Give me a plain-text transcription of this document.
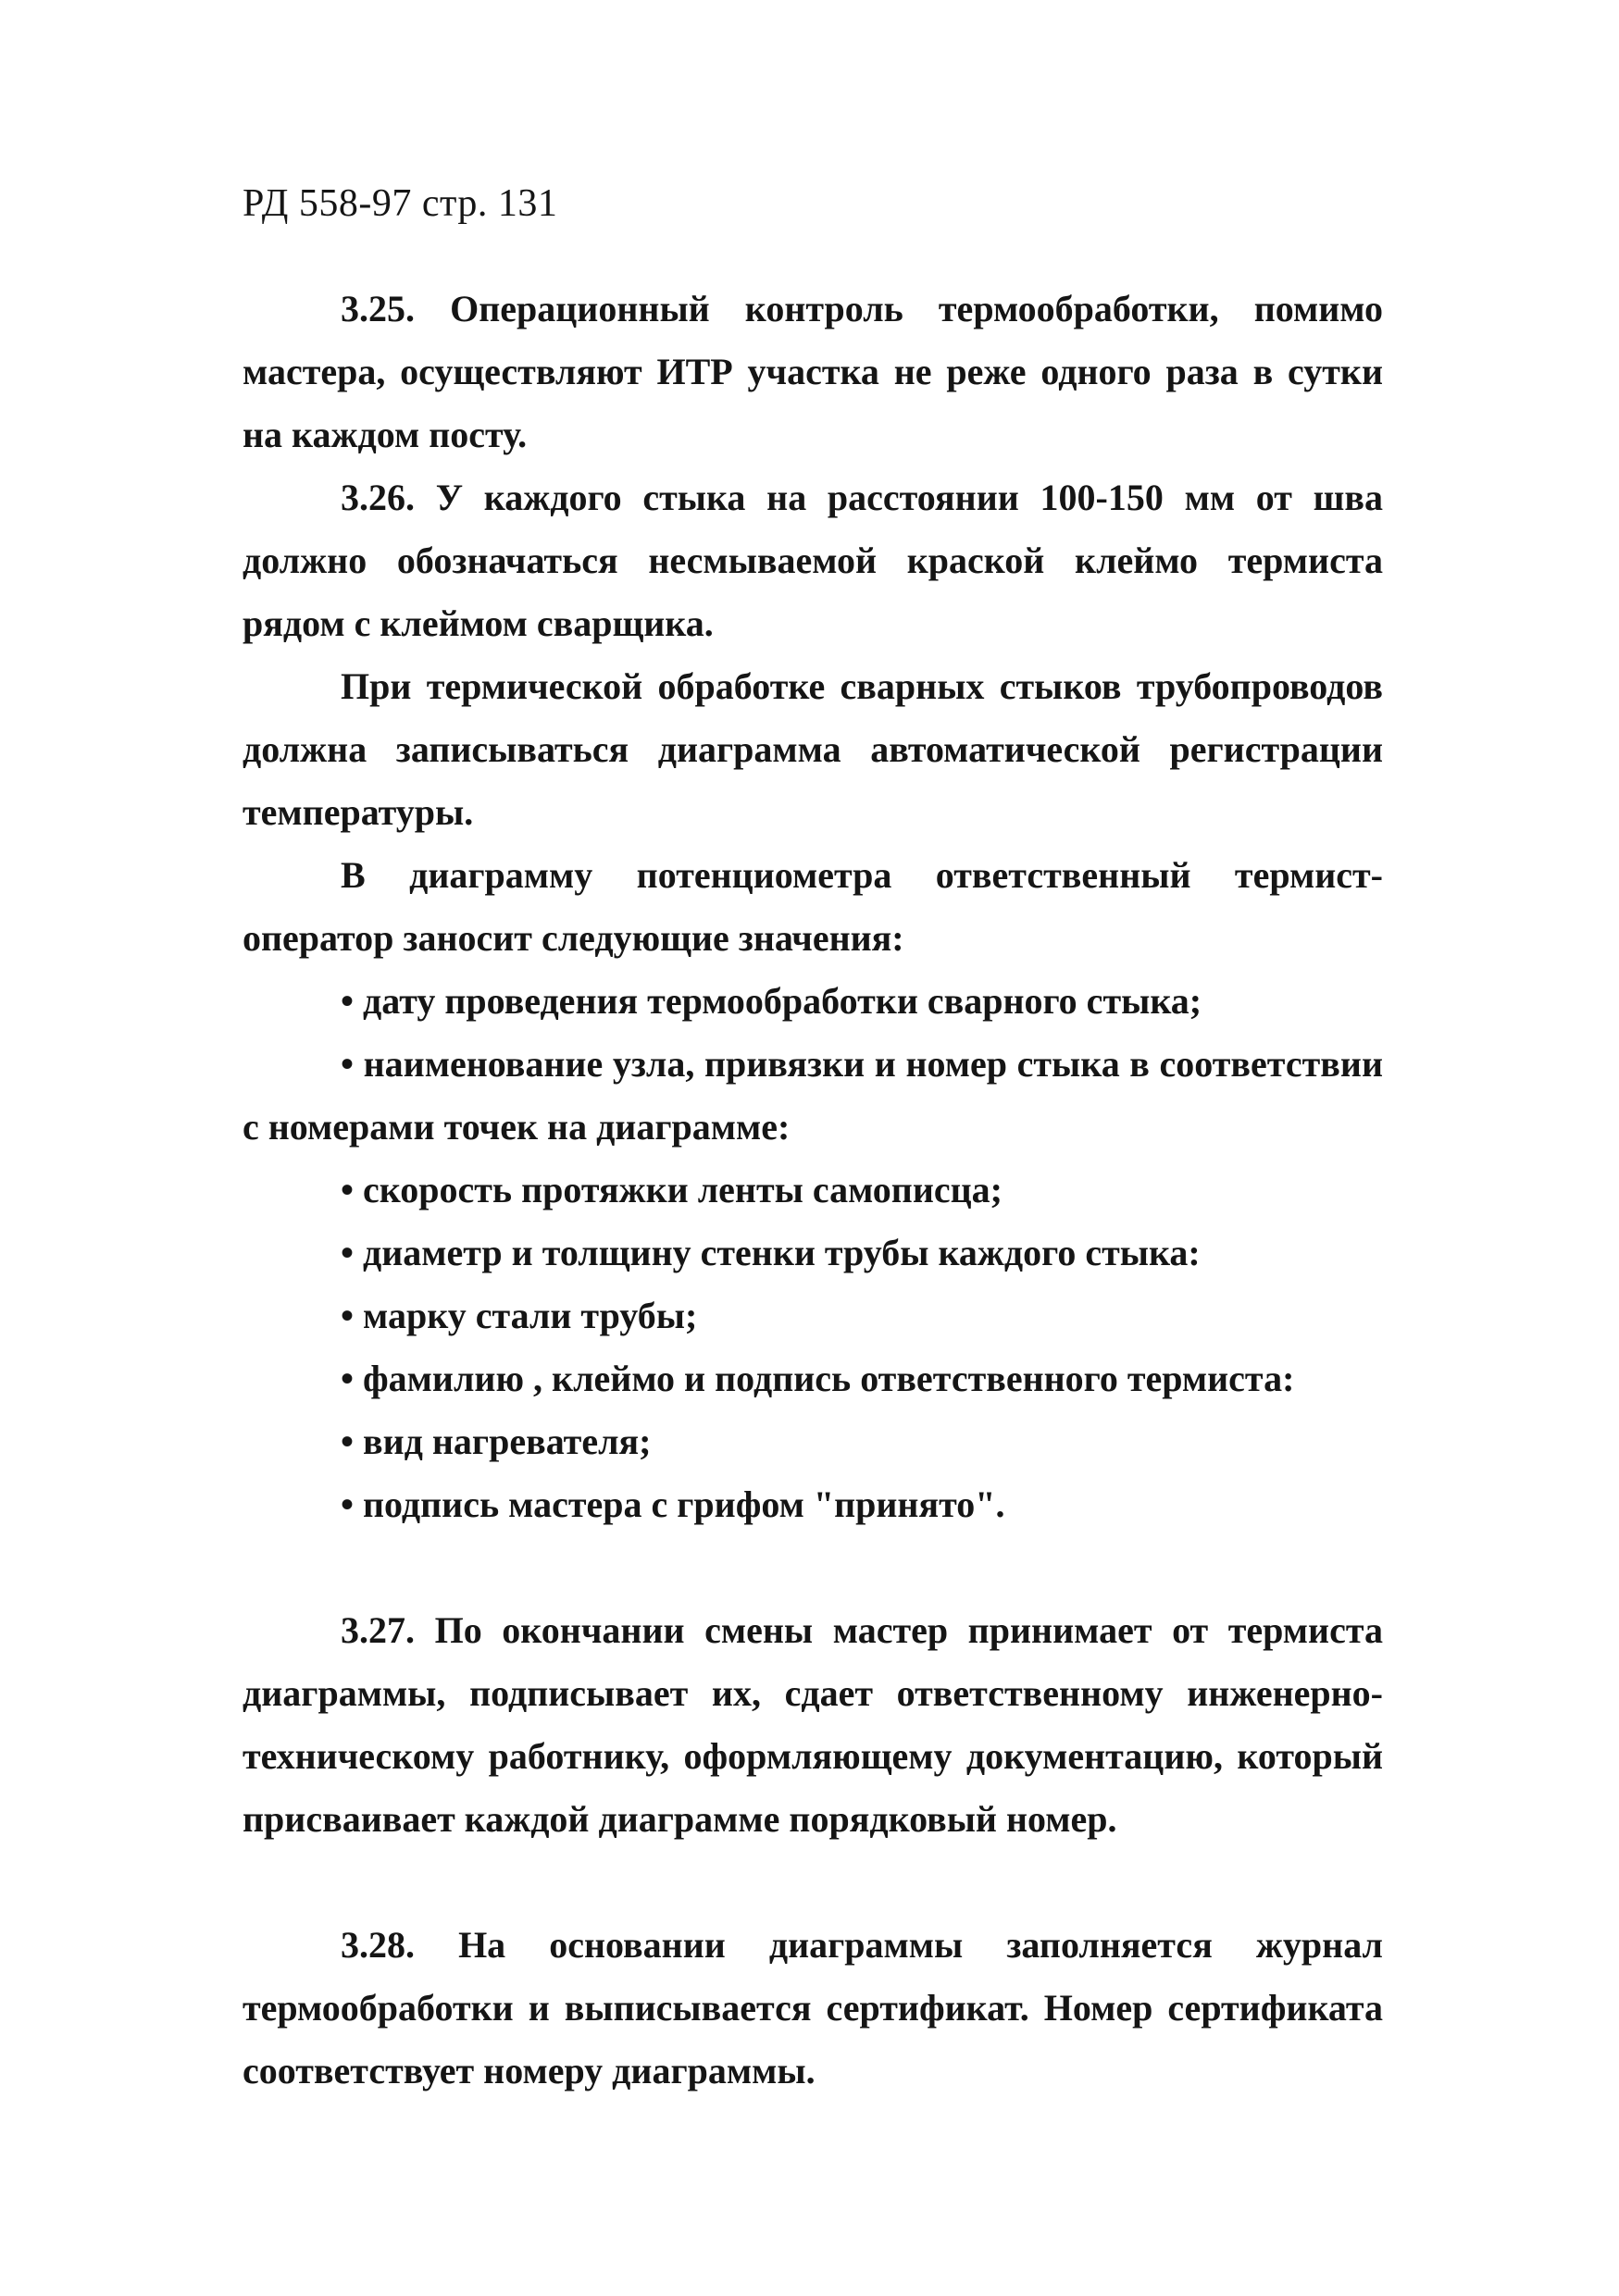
РД 558-97 стр. 131

3.25. Операционный контроль термообработки, помимо мастера, осуществляют ИТР участка не реже одного раза в сутки на каждом посту.

3.26. У каждого стыка на расстоянии 100-150 мм от шва должно обозначаться несмываемой краской клеймо термиста рядом с клеймом сварщика.

При термической обработке сварных стыков трубопроводов должна записываться диаграмма автоматической регистрации температуры.

В диаграмму потенциометра ответственный термист-оператор заносит следующие значения:

• дату проведения термообработки сварного стыка;

• наименование узла, привязки и номер стыка в соответствии с номерами точек на диаграмме:

• скорость протяжки ленты самописца;

• диаметр и толщину стенки трубы каждого стыка:

• марку стали трубы;

• фамилию , клеймо и подпись ответственного термиста:

• вид нагревателя;

• подпись мастера с грифом "принято".

3.27. По окончании смены мастер принимает от термиста диаграммы, подписывает их, сдает ответственному инженерно-техническому работнику, оформляющему документацию, который присваивает каждой диаграмме порядковый номер.

3.28. На основании диаграммы заполняется журнал термообработки и выписывается сертификат. Номер сертификата соответствует номеру диаграммы.
